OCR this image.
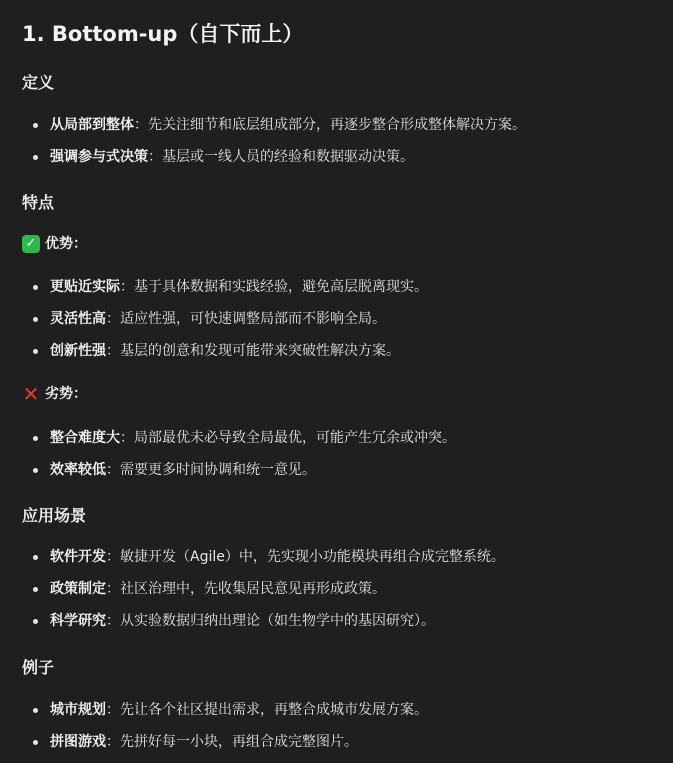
1. Bottom-up（自下而上）
定义
从局部到整体：先关注细节和底层组成部分，再逐步整合形成整体解决方案。
强调参与式决策：基层或一线人员的经验和数据驱动决策。
特点
✓ 优势：
更贴近实际：基于具体数据和实践经验，避免高层脱离现实。
灵活性高：适应性强，可快速调整局部而不影响全局。
创新性强：基层的创意和发现可能带来突破性解决方案。
✕ 劣势：
整合难度大：局部最优未必导致全局最优，可能产生冗余或冲突。
效率较低：需要更多时间协调和统一意见。
应用场景
软件开发：敏捷开发（Agile）中，先实现小功能模块再组合成完整系统。
政策制定：社区治理中，先收集居民意见再形成政策。
科学研究：从实验数据归纳出理论（如生物学中的基因研究）。
例子
城市规划：先让各个社区提出需求，再整合成城市发展方案。
拼图游戏：先拼好每一小块，再组合成完整图片。
